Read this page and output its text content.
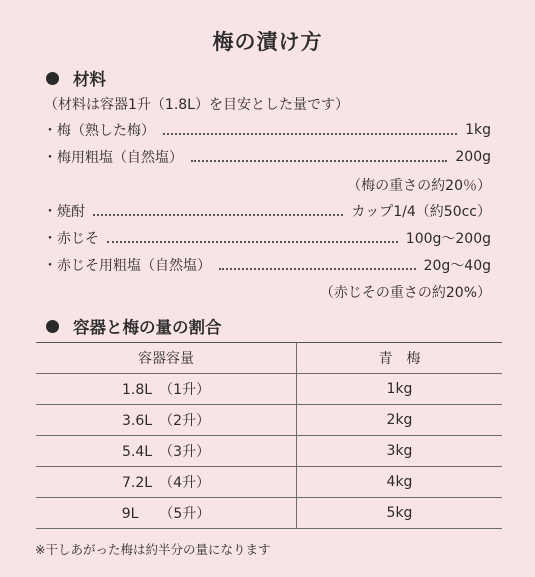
梅の漬け方
材料
（材料は容器1升（1.8L）を目安とした量です）
・梅（熟した梅）	1kg
・梅用粗塩（自然塩）	200g
（梅の重さの約20％）
・焼酎	カップ1/4（約50cc）
・赤じそ	100g〜200g
・赤じそ用粗塩（自然塩）	20g〜40g
（赤じその重さの約20%）
容器と梅の量の割合
容器容量	青　梅
1.8L　（1升）	1kg
3.6L　（2升）	2kg
5.4L　（3升）	3kg
7.2L　（4升）	4kg
9L　　（5升）	5kg
※干しあがった梅は約半分の量になります
